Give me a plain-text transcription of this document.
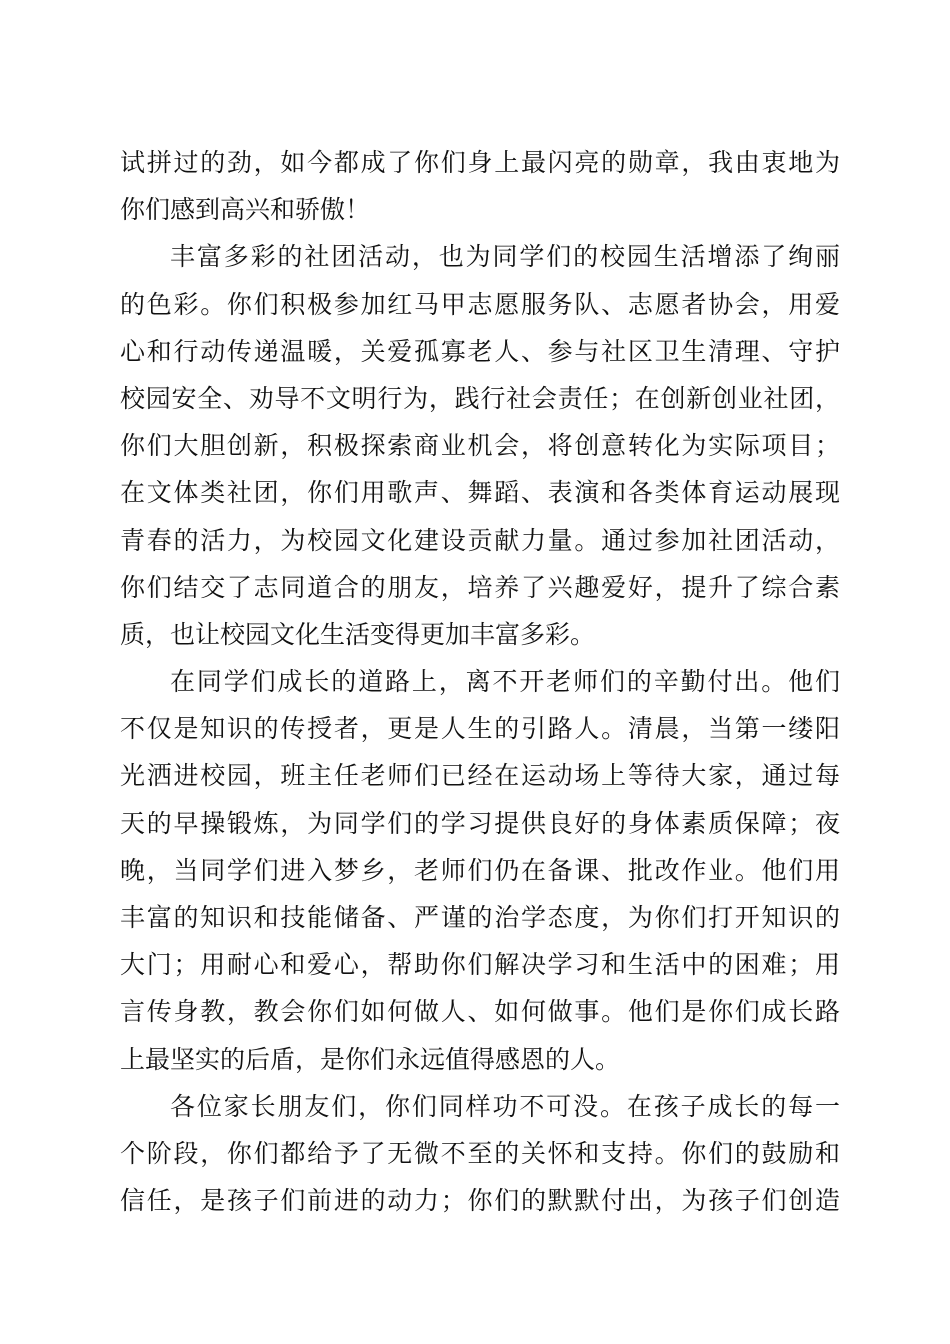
试拼过的劲，如今都成了你们身上最闪亮的勋章，我由衷地为
你们感到高兴和骄傲！
丰富多彩的社团活动，也为同学们的校园生活增添了绚丽
的色彩。你们积极参加红马甲志愿服务队、志愿者协会，用爱
心和行动传递温暖，关爱孤寡老人、参与社区卫生清理、守护
校园安全、劝导不文明行为，践行社会责任；在创新创业社团，
你们大胆创新，积极探索商业机会，将创意转化为实际项目；
在文体类社团，你们用歌声、舞蹈、表演和各类体育运动展现
青春的活力，为校园文化建设贡献力量。通过参加社团活动，
你们结交了志同道合的朋友，培养了兴趣爱好，提升了综合素
质，也让校园文化生活变得更加丰富多彩。
在同学们成长的道路上，离不开老师们的辛勤付出。他们
不仅是知识的传授者，更是人生的引路人。清晨，当第一缕阳
光洒进校园，班主任老师们已经在运动场上等待大家，通过每
天的早操锻炼，为同学们的学习提供良好的身体素质保障；夜
晚，当同学们进入梦乡，老师们仍在备课、批改作业。他们用
丰富的知识和技能储备、严谨的治学态度，为你们打开知识的
大门；用耐心和爱心，帮助你们解决学习和生活中的困难；用
言传身教，教会你们如何做人、如何做事。他们是你们成长路
上最坚实的后盾，是你们永远值得感恩的人。
各位家长朋友们，你们同样功不可没。在孩子成长的每一
个阶段，你们都给予了无微不至的关怀和支持。你们的鼓励和
信任，是孩子们前进的动力；你们的默默付出，为孩子们创造
